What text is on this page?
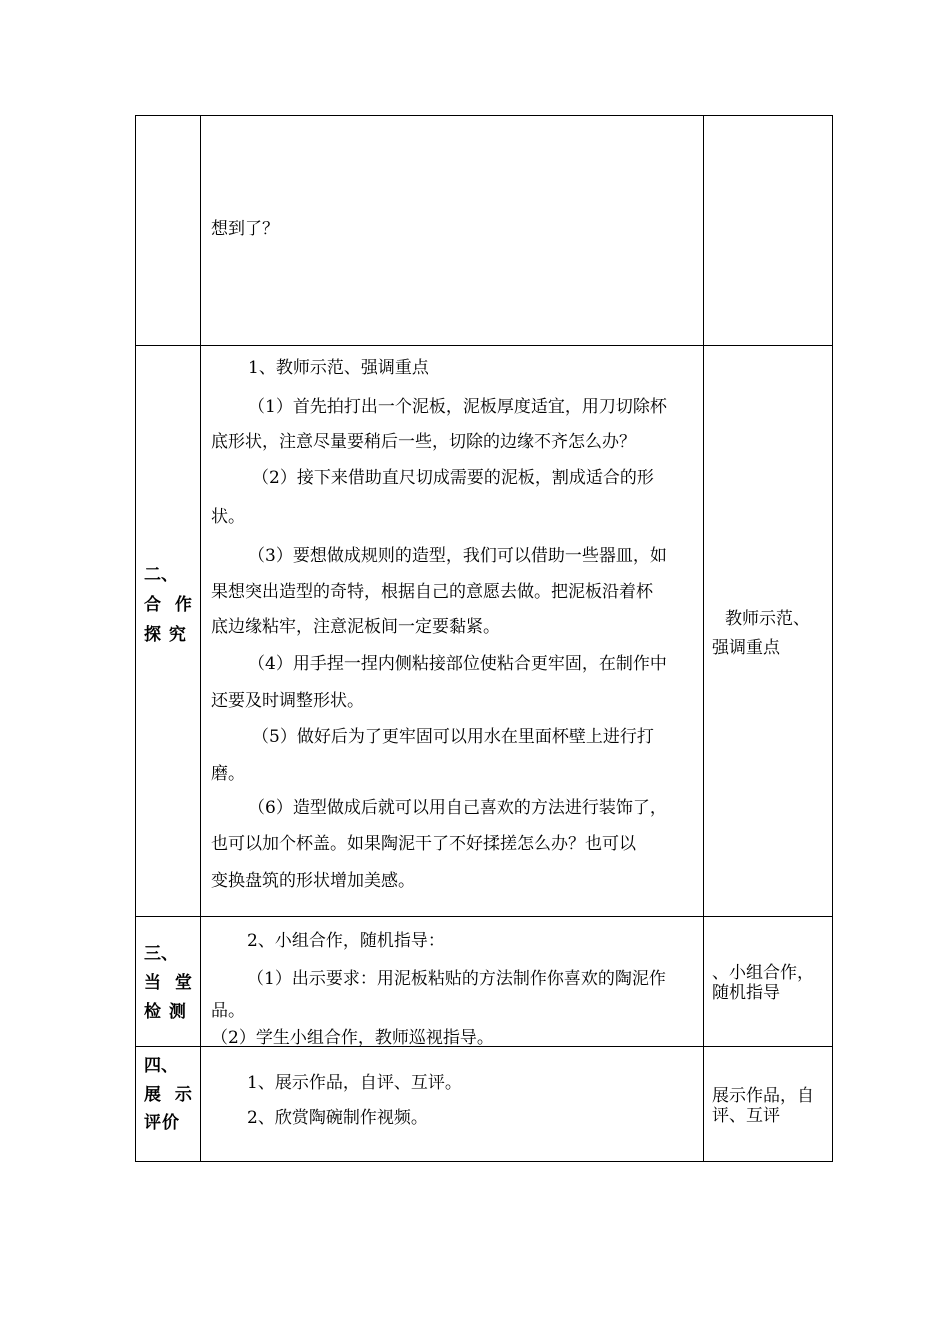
想到了？
二、
合 作
探 究
1、教师示范、强调重点
（1）首先拍打出一个泥板，泥板厚度适宜，用刀切除杯
底形状，注意尽量要稍后一些，切除的边缘不齐怎么办？
（2）接下来借助直尺切成需要的泥板，割成适合的形
状。
（3）要想做成规则的造型，我们可以借助一些器皿，如
果想突出造型的奇特，根据自己的意愿去做。把泥板沿着杯
底边缘粘牢，注意泥板间一定要黏紧。
（4）用手捏一捏内侧粘接部位使粘合更牢固，在制作中
还要及时调整形状。
（5）做好后为了更牢固可以用水在里面杯壁上进行打
磨。
（6）造型做成后就可以用自己喜欢的方法进行装饰了，
也可以加个杯盖。如果陶泥干了不好揉搓怎么办？也可以
变换盘筑的形状增加美感。
教师示范、
强调重点
三、
当 堂
检 测
2、小组合作，随机指导：
（1）出示要求：用泥板粘贴的方法制作你喜欢的陶泥作
品。
（2）学生小组合作，教师巡视指导。
、小组合作，
随机指导
四、
展 示
评价
1、展示作品，自评、互评。
2、欣赏陶碗制作视频。
展示作品，自
评、互评
